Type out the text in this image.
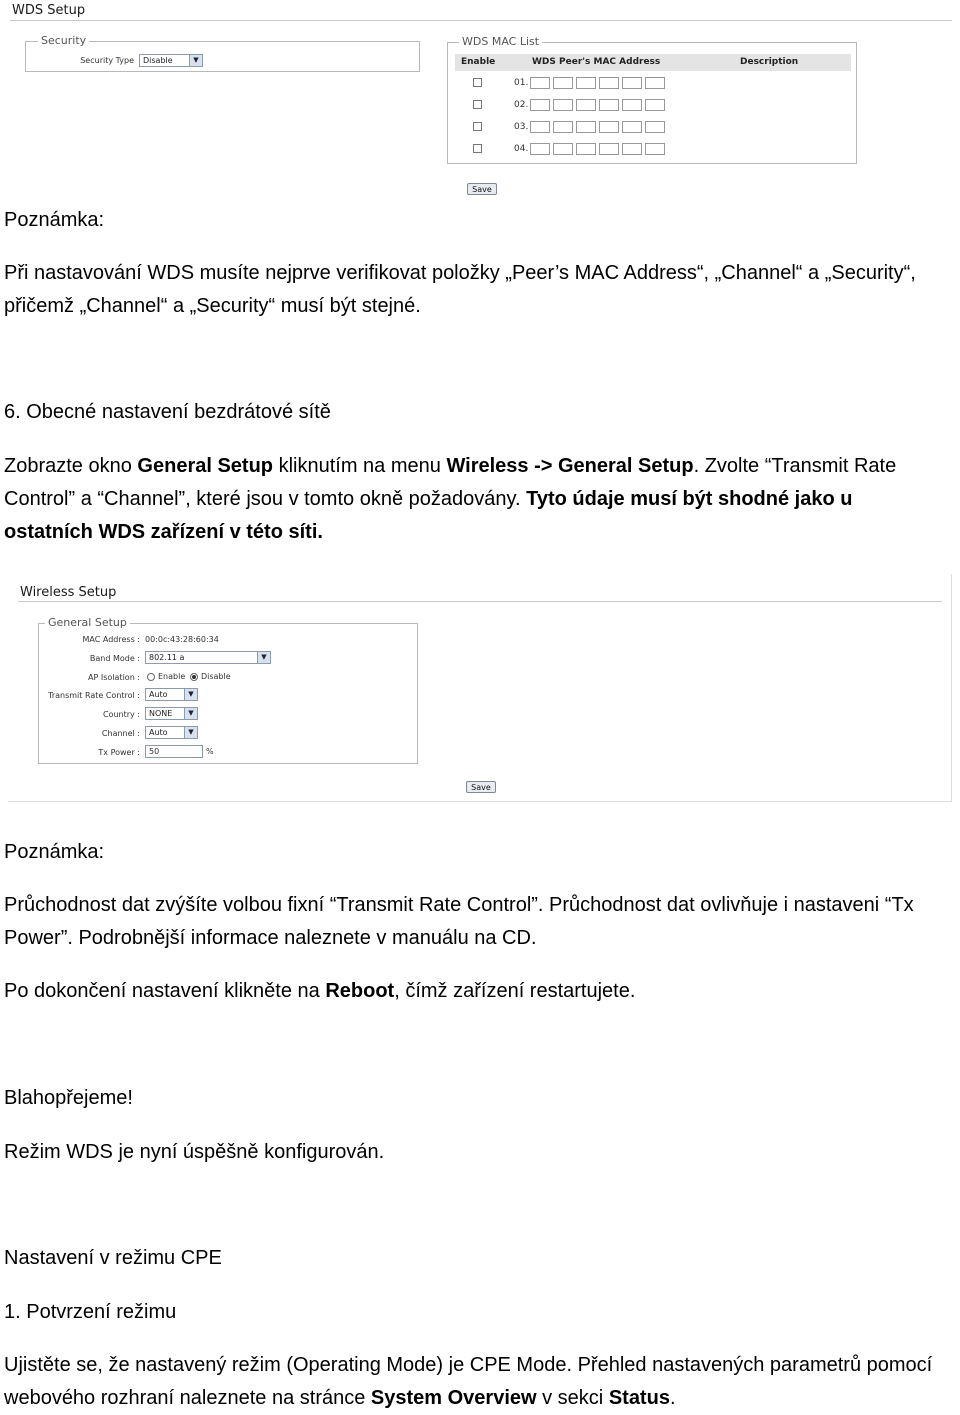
WDS Setup
Security
Security Type	Disable	▼
WDS MAC List
Enable	WDS Peer's MAC Address	Description
01.
02.
03.
04.
Save
Poznámka:
Při nastavování WDS musíte nejprve verifikovat položky „Peer’s MAC Address“, „Channel“ a „Security“, přičemž „Channel“ a „Security“ musí být stejné.
6. Obecné nastavení bezdrátové sítě
Zobrazte okno General Setup kliknutím na menu Wireless -> General Setup. Zvolte “Transmit Rate Control” a “Channel”, které jsou v tomto okně požadovány. Tyto údaje musí být shodné jako u ostatních WDS zařízení v této síti.
Wireless Setup
General Setup
MAC Address : 00:0c:43:28:60:34
Band Mode :	802.11 a	▼
AP Isolation : Enable Disable
Transmit Rate Control :	Auto	▼
Country :	NONE	▼
Channel :	Auto	▼
Tx Power :	50	%
Save
Poznámka:
Průchodnost dat zvýšíte volbou fixní “Transmit Rate Control”. Průchodnost dat ovlivňuje i nastaveni “Tx Power”. Podrobnější informace naleznete v manuálu na CD.
Po dokončení nastavení klikněte na Reboot, čímž zařízení restartujete.
Blahopřejeme!
Režim WDS je nyní úspěšně konfigurován.
Nastavení v režimu CPE
1. Potvrzení režimu
Ujistěte se, že nastavený režim (Operating Mode) je CPE Mode. Přehled nastavených parametrů pomocí webového rozhraní naleznete na stránce System Overview v sekci Status.
